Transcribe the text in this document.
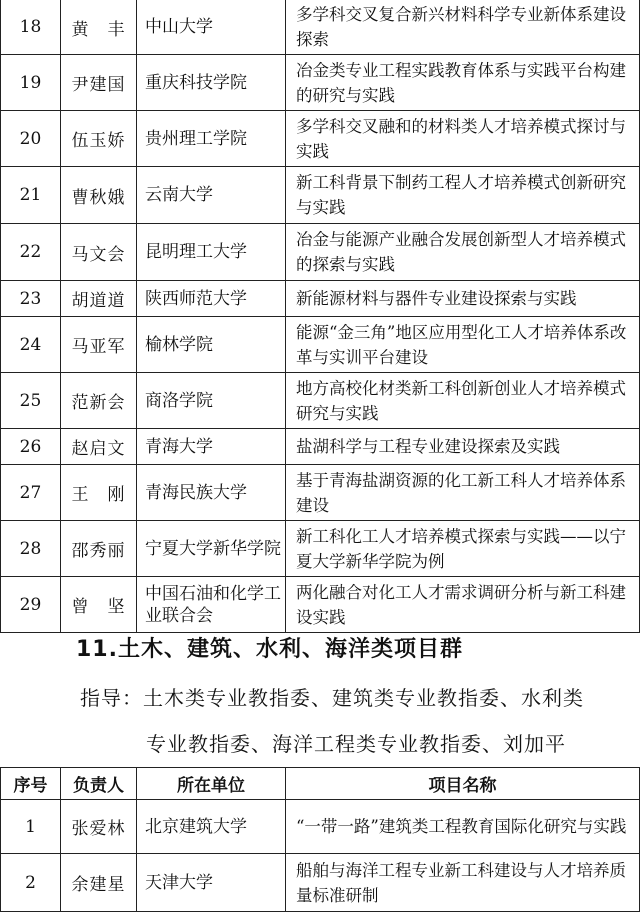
18	黄　丰	中山大学	多学科交叉复合新兴材料科学专业新体系建设探索
19	尹建国	重庆科技学院	冶金类专业工程实践教育体系与实践平台构建的研究与实践
20	伍玉娇	贵州理工学院	多学科交叉融和的材料类人才培养模式探讨与实践
21	曹秋娥	云南大学	新工科背景下制药工程人才培养模式创新研究与实践
22	马文会	昆明理工大学	冶金与能源产业融合发展创新型人才培养模式的探索与实践
23	胡道道	陕西师范大学	新能源材料与器件专业建设探索与实践
24	马亚军	榆林学院	能源“金三角”地区应用型化工人才培养体系改革与实训平台建设
25	范新会	商洛学院	地方高校化材类新工科创新创业人才培养模式研究与实践
26	赵启文	青海大学	盐湖科学与工程专业建设探索及实践
27	王　刚	青海民族大学	基于青海盐湖资源的化工新工科人才培养体系建设
28	邵秀丽	宁夏大学新华学院	新工科化工人才培养模式探索与实践——以宁夏大学新华学院为例
29	曾　坚	中国石油和化学工业联合会	两化融合对化工人才需求调研分析与新工科建设实践
11.土木、建筑、水利、海洋类项目群
指导：土木类专业教指委、建筑类专业教指委、水利类
专业教指委、海洋工程类专业教指委、刘加平
序号	负责人	所在单位	项目名称
1	张爱林	北京建筑大学	“一带一路”建筑类工程教育国际化研究与实践
2	余建星	天津大学	船舶与海洋工程专业新工科建设与人才培养质量标准研制
